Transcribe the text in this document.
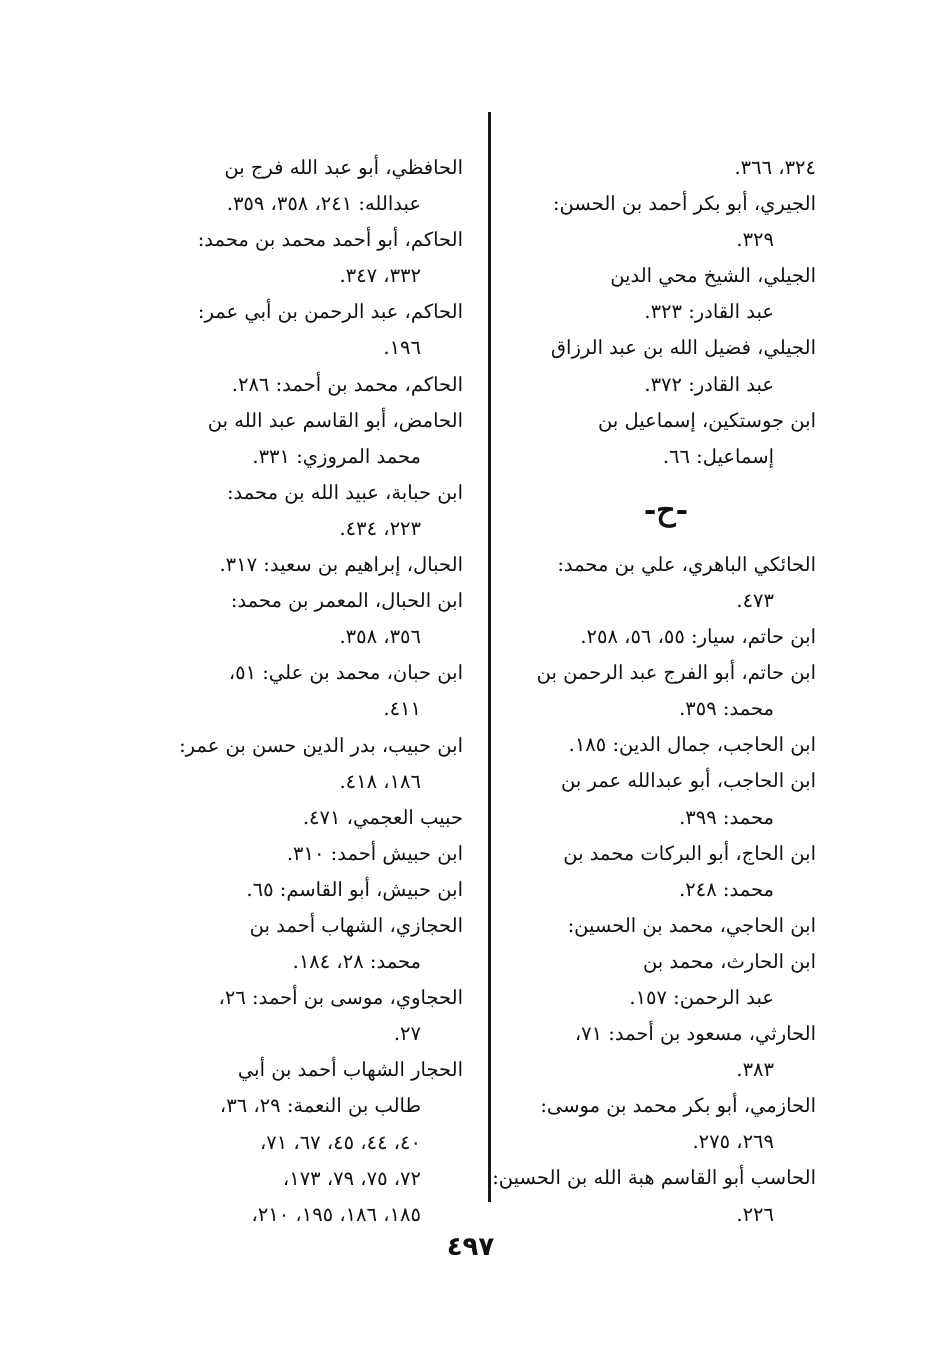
٣٢٤، ٣٦٦.
الجيري، أبو بكر أحمد بن الحسن:
٣٢٩.
الجيلي، الشيخ محي الدين
عبد القادر: ٣٢٣.
الجيلي، فضيل الله بن عبد الرزاق
عبد القادر: ٣٧٢.
ابن جوستكين، إسماعيل بن
إسماعيل: ٦٦.
-ح-
الحائكي الباهري، علي بن محمد:
٤٧٣.
ابن حاتم، سيار: ٥٥، ٥٦، ٢٥٨.
ابن حاتم، أبو الفرج عبد الرحمن بن
محمد: ٣٥٩.
ابن الحاجب، جمال الدين: ١٨٥.
ابن الحاجب، أبو عبدالله عمر بن
محمد: ٣٩٩.
ابن الحاج، أبو البركات محمد بن
محمد: ٢٤٨.
ابن الحاجي، محمد بن الحسين:
ابن الحارث، محمد بن
عبد الرحمن: ١٥٧.
الحارثي، مسعود بن أحمد: ٧١،
٣٨٣.
الحازمي، أبو بكر محمد بن موسى:
٢٦٩، ٢٧٥.
الحاسب أبو القاسم هبة الله بن الحسين:
٢٢٦.
الحافظي، أبو عبد الله فرج بن
عبدالله: ٢٤١، ٣٥٨، ٣٥٩.
الحاكم، أبو أحمد محمد بن محمد:
٣٣٢، ٣٤٧.
الحاكم، عبد الرحمن بن أبي عمر:
١٩٦.
الحاكم، محمد بن أحمد: ٢٨٦.
الحامض، أبو القاسم عبد الله بن
محمد المروزي: ٣٣١.
ابن حبابة، عبيد الله بن محمد:
٢٢٣، ٤٣٤.
الحبال، إبراهيم بن سعيد: ٣١٧.
ابن الحبال، المعمر بن محمد:
٣٥٦، ٣٥٨.
ابن حبان، محمد بن علي: ٥١،
٤١١.
ابن حبيب، بدر الدين حسن بن عمر:
١٨٦، ٤١٨.
حبيب العجمي، ٤٧١.
ابن حبيش أحمد: ٣١٠.
ابن حبيش، أبو القاسم: ٦٥.
الحجازي، الشهاب أحمد بن
محمد: ٢٨، ١٨٤.
الحجاوي، موسى بن أحمد: ٢٦،
٢٧.
الحجار الشهاب أحمد بن أبي
طالب بن النعمة: ٢٩، ٣٦،
٤٠، ٤٤، ٤٥، ٦٧، ٧١،
٧٢، ٧٥، ٧٩، ١٧٣،
١٨٥، ١٨٦، ١٩٥، ٢١٠،
٤٩٧
